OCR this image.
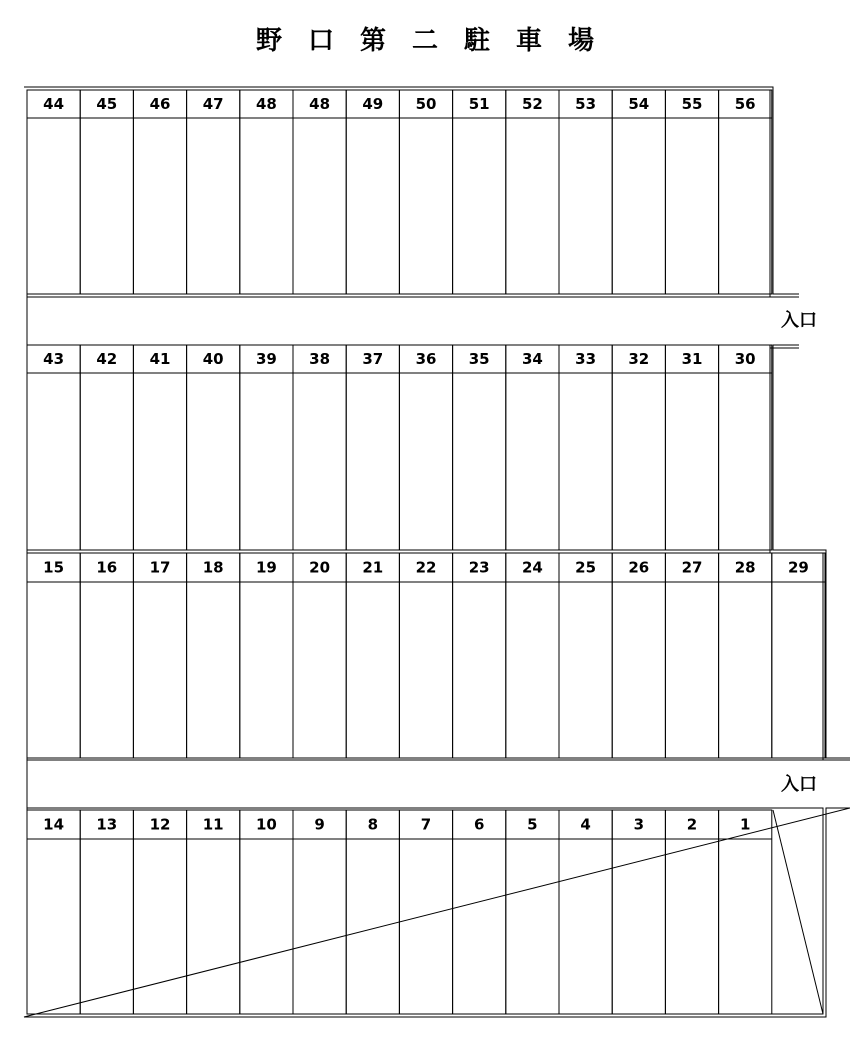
野 口 第 二 駐 車 場
44 45 46 47 48 48 49 50 51 52 53 54 55 56
43 42 41 40 39 38 37 36 35 34 33 32 31 30
15 16 17 18 19 20 21 22 23 24 25 26 27 28 29
14 13 12 11 10	9	8	7	6	5	4	3	2	1
入口
入口
